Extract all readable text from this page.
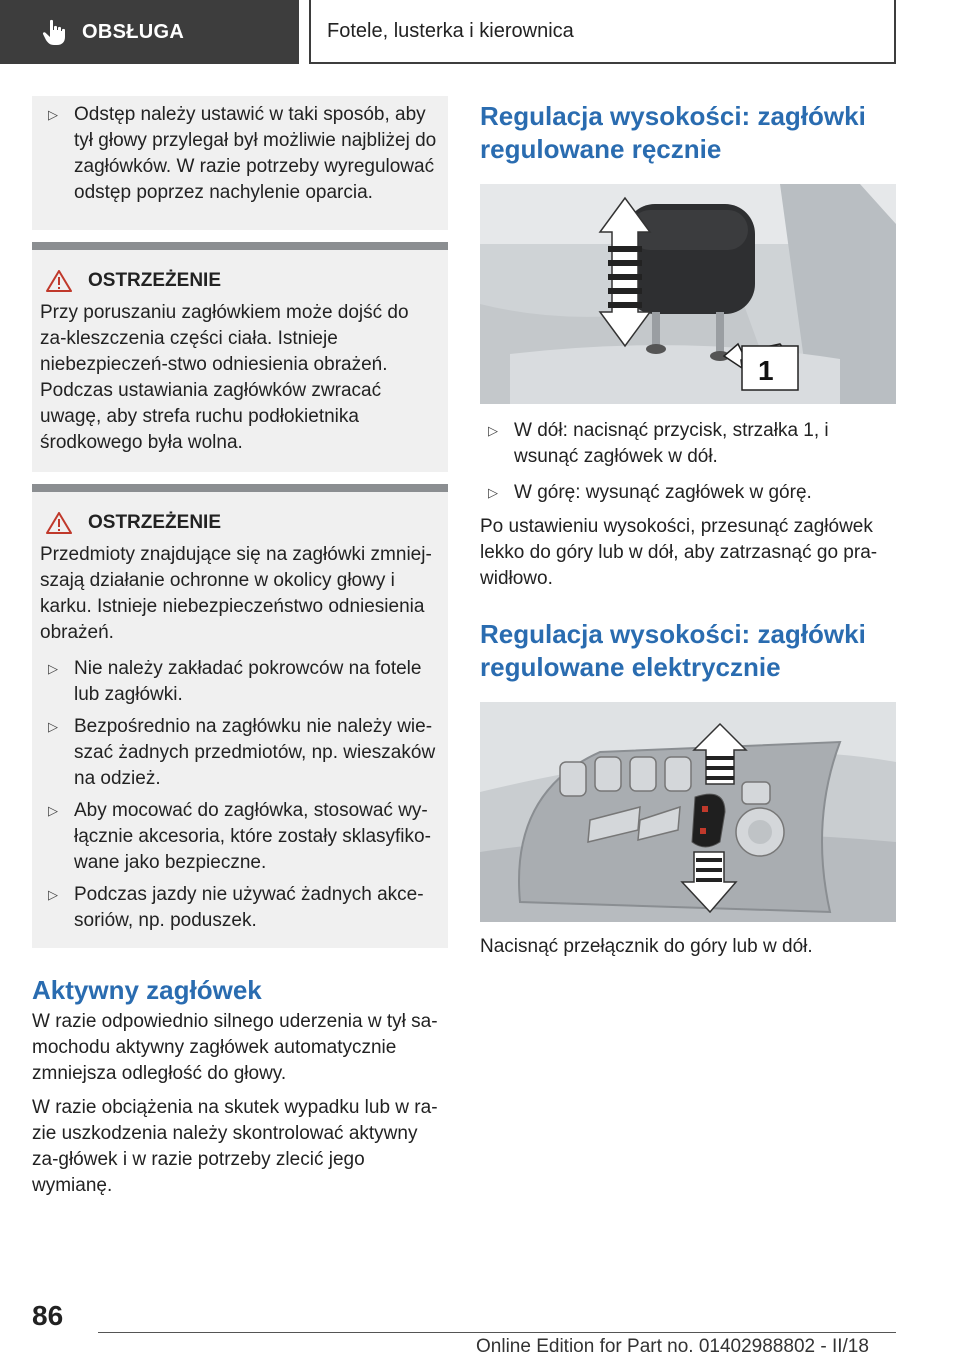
OBSŁUGA	Fotele, lusterka i kierownica
▷ Odstęp należy ustawić w taki sposób, aby tył głowy przylegał był możliwie najbliżej do zagłówków. W razie potrzeby wyregulować odstęp poprzez nachylenie oparcia.
OSTRZEŻENIE
Przy poruszaniu zagłówkiem może dojść do za-kleszczenia części ciała. Istnieje niebezpieczeń-stwo odniesienia obrażeń. Podczas ustawiania zagłówków zwracać uwagę, aby strefa ruchu podłokietnika środkowego była wolna.
OSTRZEŻENIE
Przedmioty znajdujące się na zagłówki zmniej-szają działanie ochronne w okolicy głowy i karku. Istnieje niebezpieczeństwo odniesienia obrażeń.
▷ Nie należy zakładać pokrowców na fotele lub zagłówki.
▷ Bezpośrednio na zagłówku nie należy wie-szać żadnych przedmiotów, np. wieszaków na odzież.
▷ Aby mocować do zagłówka, stosować wy-łącznie akcesoria, które zostały sklasyfiko-wane jako bezpieczne.
▷ Podczas jazdy nie używać żadnych akce-soriów, np. poduszek.
Aktywny zagłówek
W razie odpowiednio silnego uderzenia w tył sa-mochodu aktywny zagłówek automatycznie zmniejsza odległość do głowy.
W razie obciążenia na skutek wypadku lub w ra-zie uszkodzenia należy skontrolować aktywny za-główek i w razie potrzeby zlecić jego wymianę.
Regulacja wysokości: zagłówki regulowane ręcznie
1
▷ W dół: nacisnąć przycisk, strzałka 1, i wsunąć zagłówek w dół.
▷ W górę: wysunąć zagłówek w górę.
Po ustawieniu wysokości, przesunąć zagłówek lekko do góry lub w dół, aby zatrzasnąć go pra-widłowo.
Regulacja wysokości: zagłówki regulowane elektrycznie
Nacisnąć przełącznik do góry lub w dół.
86
Online Edition for Part no. 01402988802 - II/18
